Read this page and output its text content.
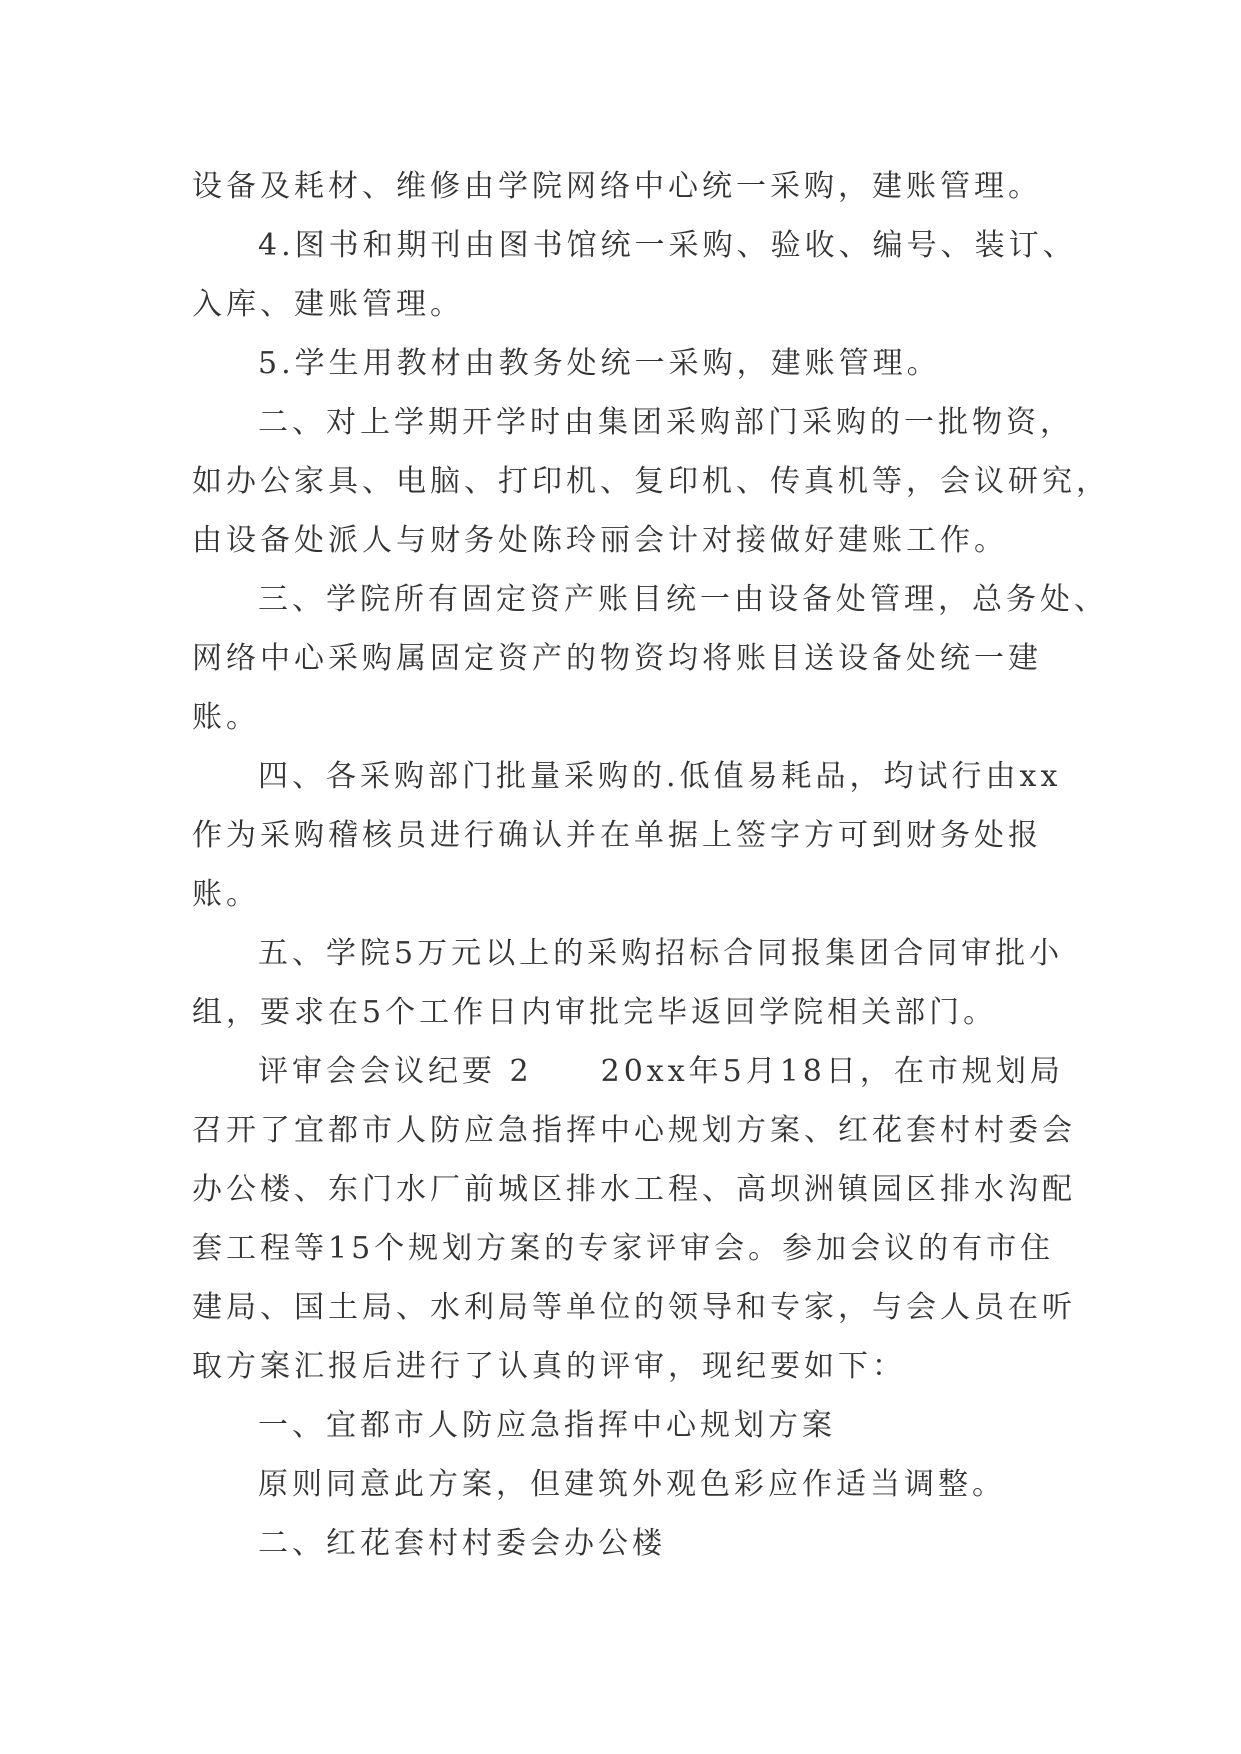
设备及耗材、维修由学院网络中心统一采购，建账管理。
4.图书和期刊由图书馆统一采购、验收、编号、装订、
入库、建账管理。
5.学生用教材由教务处统一采购，建账管理。
二、对上学期开学时由集团采购部门采购的一批物资，
如办公家具、电脑、打印机、复印机、传真机等，会议研究，
由设备处派人与财务处陈玲丽会计对接做好建账工作。
三、学院所有固定资产账目统一由设备处管理，总务处、
网络中心采购属固定资产的物资均将账目送设备处统一建
账。
四、各采购部门批量采购的.低值易耗品，均试行由xx
作为采购稽核员进行确认并在单据上签字方可到财务处报
账。
五、学院5万元以上的采购招标合同报集团合同审批小
组，要求在5个工作日内审批完毕返回学院相关部门。
评审会会议纪要 2　　20xx年5月18日，在市规划局
召开了宜都市人防应急指挥中心规划方案、红花套村村委会
办公楼、东门水厂前城区排水工程、高坝洲镇园区排水沟配
套工程等15个规划方案的专家评审会。参加会议的有市住
建局、国土局、水利局等单位的领导和专家，与会人员在听
取方案汇报后进行了认真的评审，现纪要如下：
一、宜都市人防应急指挥中心规划方案
原则同意此方案，但建筑外观色彩应作适当调整。
二、红花套村村委会办公楼
